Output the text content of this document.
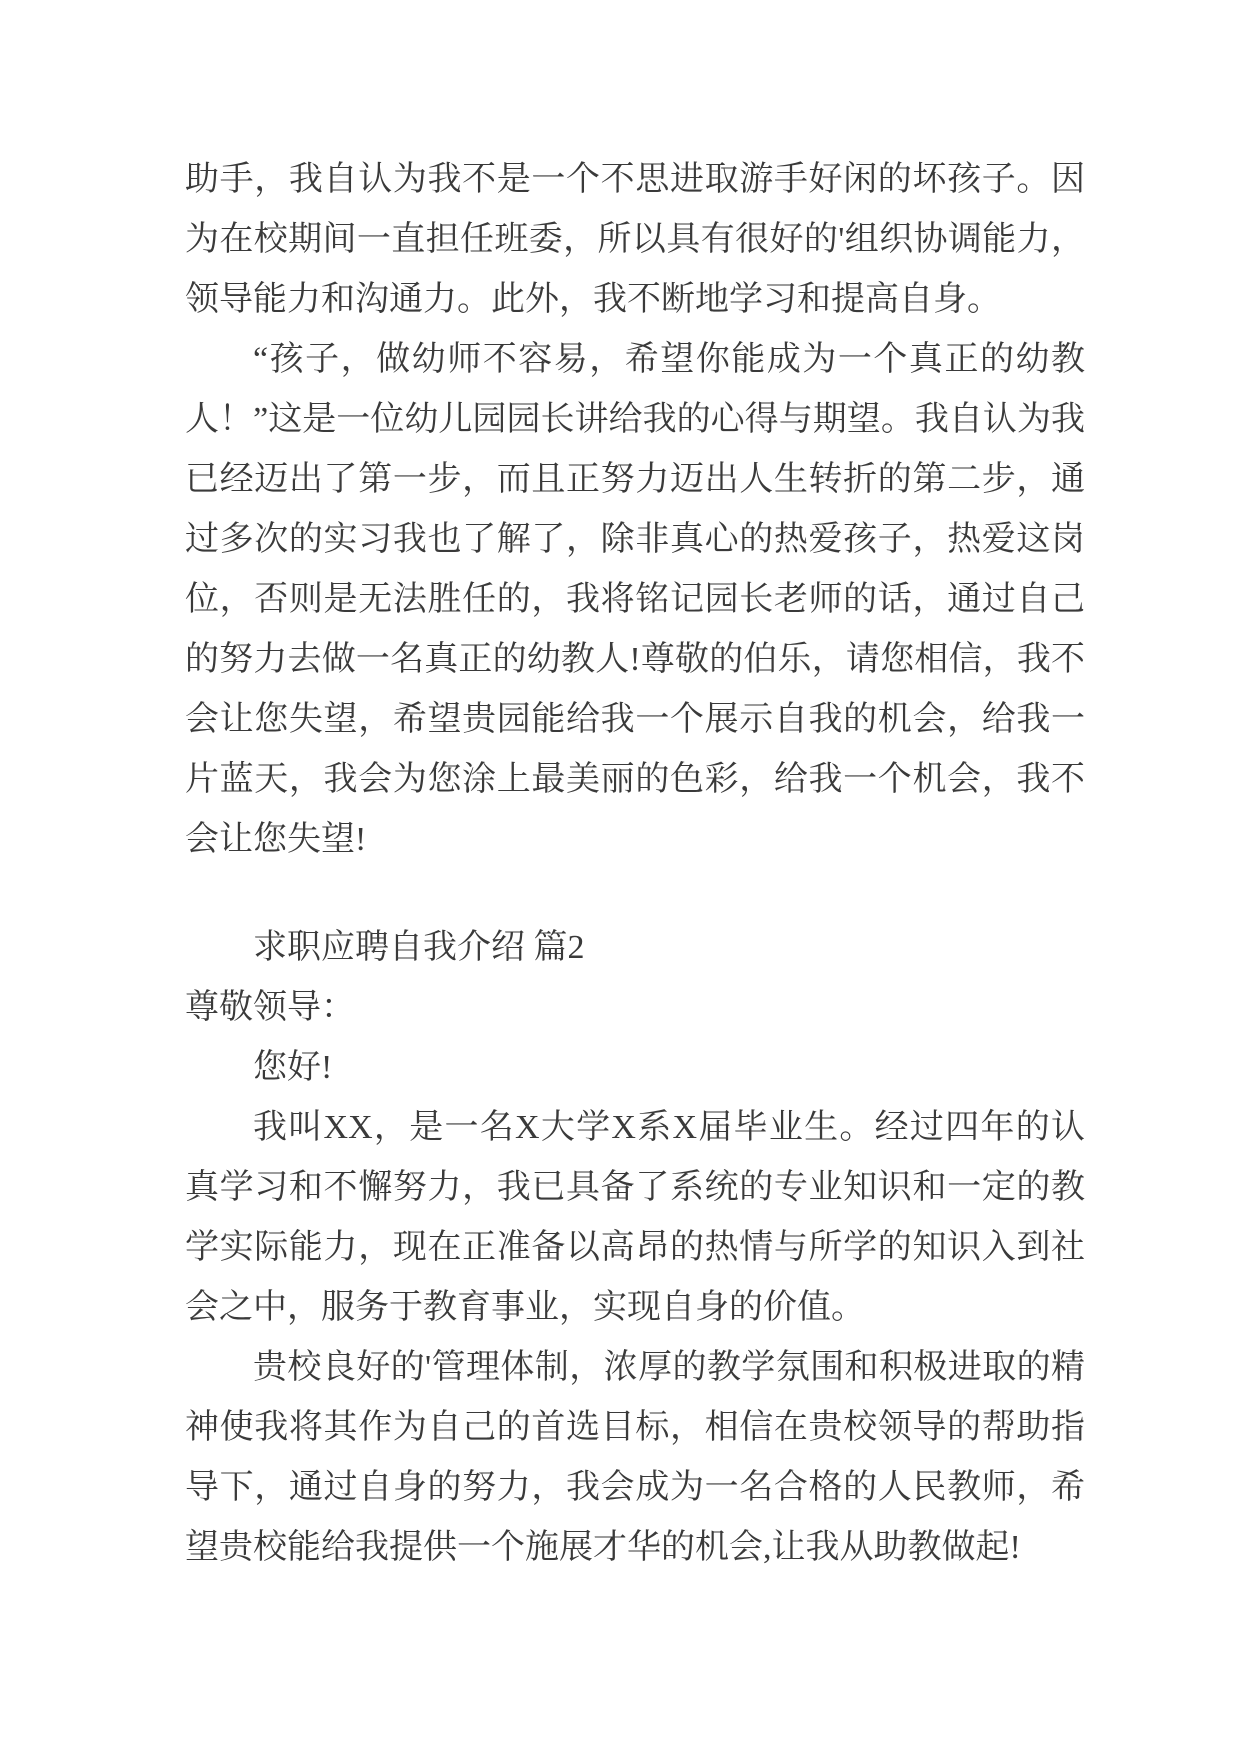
助手，我自认为我不是一个不思进取游手好闲的坏孩子。因为在校期间一直担任班委，所以具有很好的'组织协调能力，领导能力和沟通力。此外，我不断地学习和提高自身。

“孩子，做幼师不容易，希望你能成为一个真正的幼教人！”这是一位幼儿园园长讲给我的心得与期望。我自认为我已经迈出了第一步，而且正努力迈出人生转折的第二步，通过多次的实习我也了解了，除非真心的热爱孩子，热爱这岗位，否则是无法胜任的，我将铭记园长老师的话，通过自己的努力去做一名真正的幼教人!尊敬的伯乐，请您相信，我不会让您失望，希望贵园能给我一个展示自我的机会，给我一片蓝天，我会为您涂上最美丽的色彩，给我一个机会，我不会让您失望!

求职应聘自我介绍 篇2

尊敬领导：

您好!

我叫XX，是一名X大学X系X届毕业生。经过四年的认真学习和不懈努力，我已具备了系统的专业知识和一定的教学实际能力，现在正准备以高昂的热情与所学的知识入到社会之中，服务于教育事业，实现自身的价值。

贵校良好的'管理体制，浓厚的教学氛围和积极进取的精神使我将其作为自己的首选目标，相信在贵校领导的帮助指导下，通过自身的努力，我会成为一名合格的人民教师，希望贵校能给我提供一个施展才华的机会,让我从助教做起!
